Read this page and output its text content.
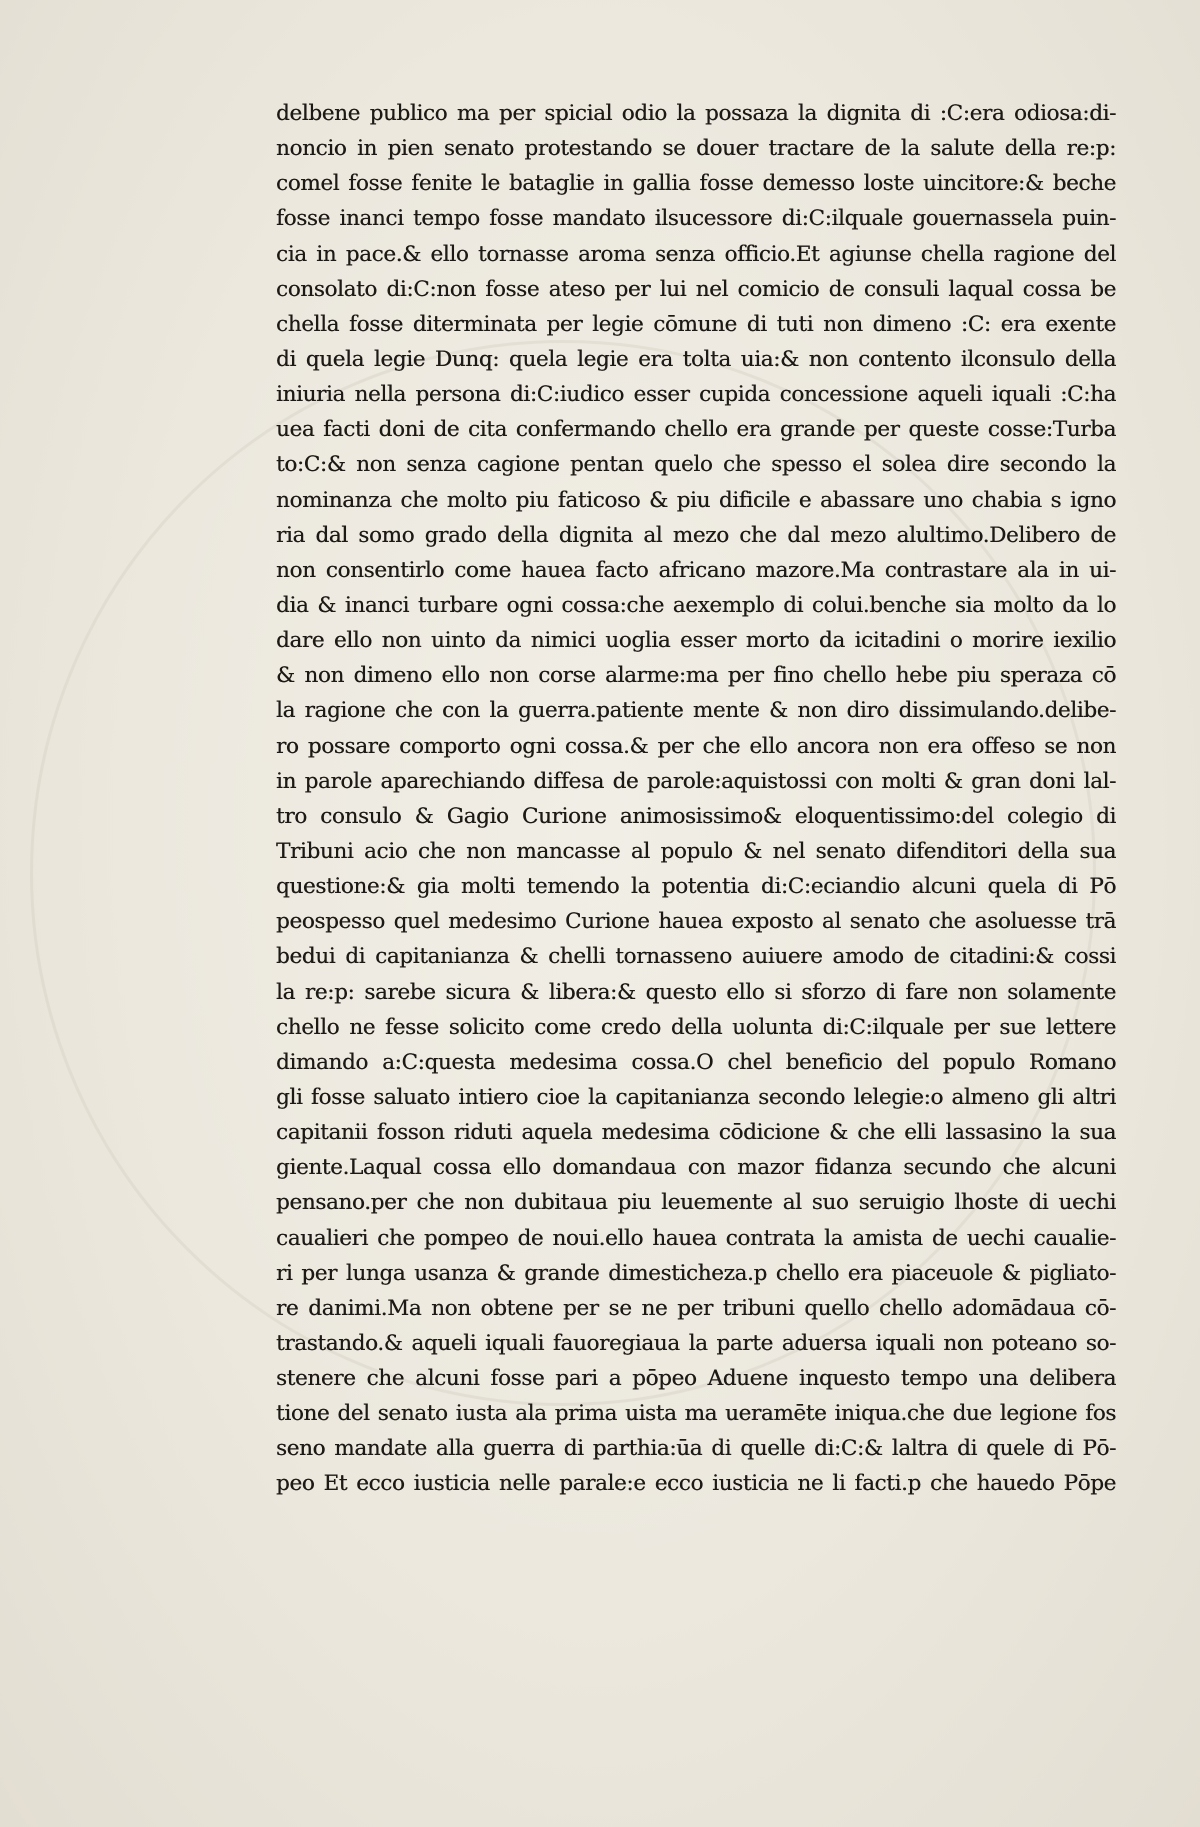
delbene publico ma per spicial odio la possaza la dignita di :C:era odiosa:di-
noncio in pien senato protestando se douer tractare de la salute della re:p:
comel fosse fenite le bataglie in gallia fosse demesso loste uincitore:& beche
fosse inanci tempo fosse mandato ilsucessore di:C:ilquale gouernassela puin-
cia in pace.& ello tornasse aroma senza officio.Et agiunse chella ragione del
consolato di:C:non fosse ateso per lui nel comicio de consuli laqual cossa be
chella fosse diterminata per legie cōmune di tuti non dimeno :C: era exente
di quela legie Dunq: quela legie era tolta uia:& non contento ilconsulo della
iniuria nella persona di:C:iudico esser cupida concessione aqueli iquali :C:ha
uea facti doni de cita confermando chello era grande per queste cosse:Turba
to:C:& non senza cagione pentan quelo che spesso el solea dire secondo la
nominanza che molto piu faticoso & piu dificile e abassare uno chabia s igno
ria dal somo grado della dignita al mezo che dal mezo alultimo.Delibero de
non consentirlo come hauea facto africano mazore.Ma contrastare ala in ui-
dia & inanci turbare ogni cossa:che aexemplo di colui.benche sia molto da lo
dare ello non uinto da nimici uoglia esser morto da icitadini o morire iexilio
& non dimeno ello non corse alarme:ma per fino chello hebe piu speraza cō
la ragione che con la guerra.patiente mente & non diro dissimulando.delibe-
ro possare comporto ogni cossa.& per che ello ancora non era offeso se non
in parole aparechiando diffesa de parole:aquistossi con molti & gran doni lal-
tro consulo & Gagio Curione animosissimo& eloquentissimo:del colegio di
Tribuni acio che non mancasse al populo & nel senato difenditori della sua
questione:& gia molti temendo la potentia di:C:eciandio alcuni quela di Pō
peospesso quel medesimo Curione hauea exposto al senato che asoluesse trā
bedui di capitanianza & chelli tornasseno auiuere amodo de citadini:& cossi
la re:p: sarebe sicura & libera:& questo ello si sforzo di fare non solamente
chello ne fesse solicito come credo della uolunta di:C:ilquale per sue lettere
dimando a:C:questa medesima cossa.O chel beneficio del populo Romano
gli fosse saluato intiero cioe la capitanianza secondo lelegie:o almeno gli altri
capitanii fosson riduti aquela medesima cōdicione & che elli lassasino la sua
giente.Laqual cossa ello domandaua con mazor fidanza secundo che alcuni
pensano.per che non dubitaua piu leuemente al suo seruigio lhoste di uechi
caualieri che pompeo de noui.ello hauea contrata la amista de uechi caualie-
ri per lunga usanza & grande dimesticheza.p chello era piaceuole & pigliato-
re danimi.Ma non obtene per se ne per tribuni quello chello adomādaua cō-
trastando.& aqueli iquali fauoregiaua la parte aduersa iquali non poteano so-
stenere che alcuni fosse pari a pōpeo Aduene inquesto tempo una delibera
tione del senato iusta ala prima uista ma ueramēte iniqua.che due legione fos
seno mandate alla guerra di parthia:ūa di quelle di:C:& laltra di quele di Pō-
peo Et ecco iusticia nelle parale:e ecco iusticia ne li facti.p che hauedo Pōpe
